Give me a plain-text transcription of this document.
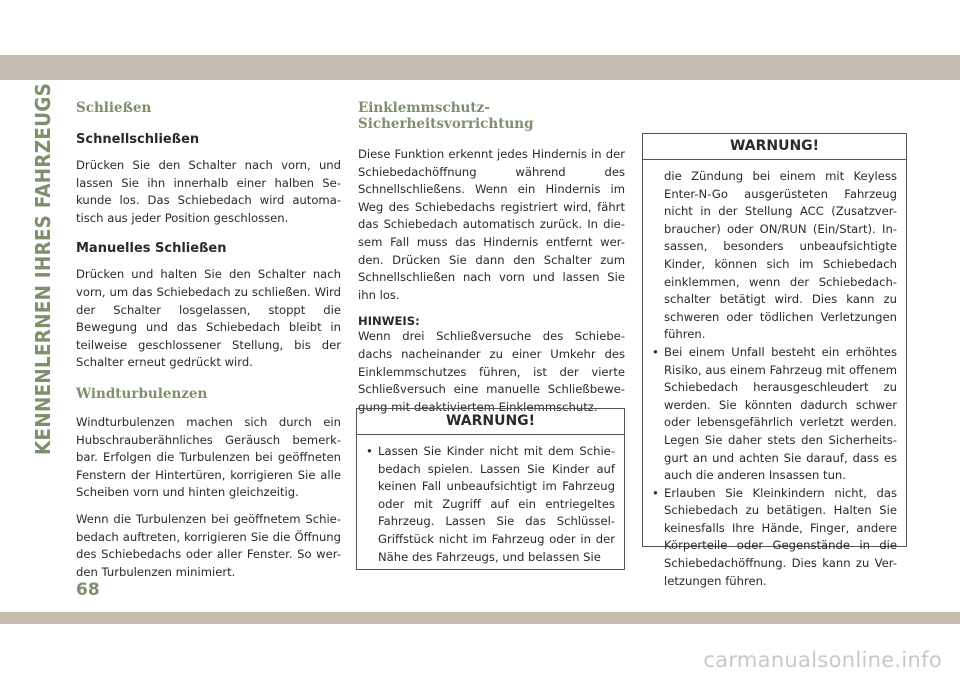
KENNENLERNEN IHRES FAHRZEUGS Schließen
Schnellschließen

Drücken Sie den Schalter nach vorn, und lassen Sie ihn innerhalb einer halben Se- kunde los. Das Schiebedach wird automa- tisch aus jeder Position geschlossen.

Manuelles Schließen

Drücken und halten Sie den Schalter nach vorn, um das Schiebedach zu schließen. Wird der Schalter losgelassen, stoppt die Bewegung und das Schiebedach bleibt in teilweise geschlossener Stellung, bis der Schalter erneut gedrückt wird.

Windturbulenzen

Windturbulenzen machen sich durch ein Hubschrauberähnliches Geräusch bemerk- bar. Erfolgen die Turbulenzen bei geöffneten Fenstern der Hintertüren, korrigieren Sie alle Scheiben vorn und hinten gleichzeitig.

Wenn die Turbulenzen bei geöffnetem Schie- bedach auftreten, korrigieren Sie die Öffnung des Schiebedachs oder aller Fenster. So wer- den Turbulenzen minimiert.

Einklemmschutz-Sicherheitsvorrichtung

Diese Funktion erkennt jedes Hindernis in der Schiebedachöffnung während des Schnellschließens. Wenn ein Hindernis im Weg des Schiebedachs registriert wird, fährt das Schiebedach automatisch zurück. In die- sem Fall muss das Hindernis entfernt wer- den. Drücken Sie dann den Schalter zum Schnellschließen nach vorn und lassen Sie ihn los.

HINWEIS:

Wenn drei Schließversuche des Schiebe- dachs nacheinander zu einer Umkehr des Einklemmschutzes führen, ist der vierte Schließversuch eine manuelle Schließbewe- gung mit deaktiviertem Einklemmschutz.

WARNUNG!

• Lassen Sie Kinder nicht mit dem Schie- bedach spielen. Lassen Sie Kinder auf keinen Fall unbeaufsichtigt im Fahrzeug oder mit Zugriff auf ein entriegeltes Fahrzeug. Lassen Sie das Schlüssel- Griffstück nicht im Fahrzeug oder in der Nähe des Fahrzeugs, und belassen Sie

WARNUNG!

die Zündung bei einem mit Keyless Enter-N-Go ausgerüsteten Fahrzeug nicht in der Stellung ACC (Zusatzver- braucher) oder ON/RUN (Ein/Start). In- sassen, besonders unbeaufsichtigte Kinder, können sich im Schiebedach einklemmen, wenn der Schiebedach- schalter betätigt wird. Dies kann zu schweren oder tödlichen Verletzungen führen.

• Bei einem Unfall besteht ein erhöhtes Risiko, aus einem Fahrzeug mit offenem Schiebedach herausgeschleudert zu werden. Sie könnten dadurch schwer oder lebensgefährlich verletzt werden. Legen Sie daher stets den Sicherheits- gurt an und achten Sie darauf, dass es auch die anderen Insassen tun.

• Erlauben Sie Kleinkindern nicht, das Schiebedach zu betätigen. Halten Sie keinesfalls Ihre Hände, Finger, andere Körperteile oder Gegenstände in die Schiebedachöffnung. Dies kann zu Ver- letzungen führen.

68
carmanualsonline.info
